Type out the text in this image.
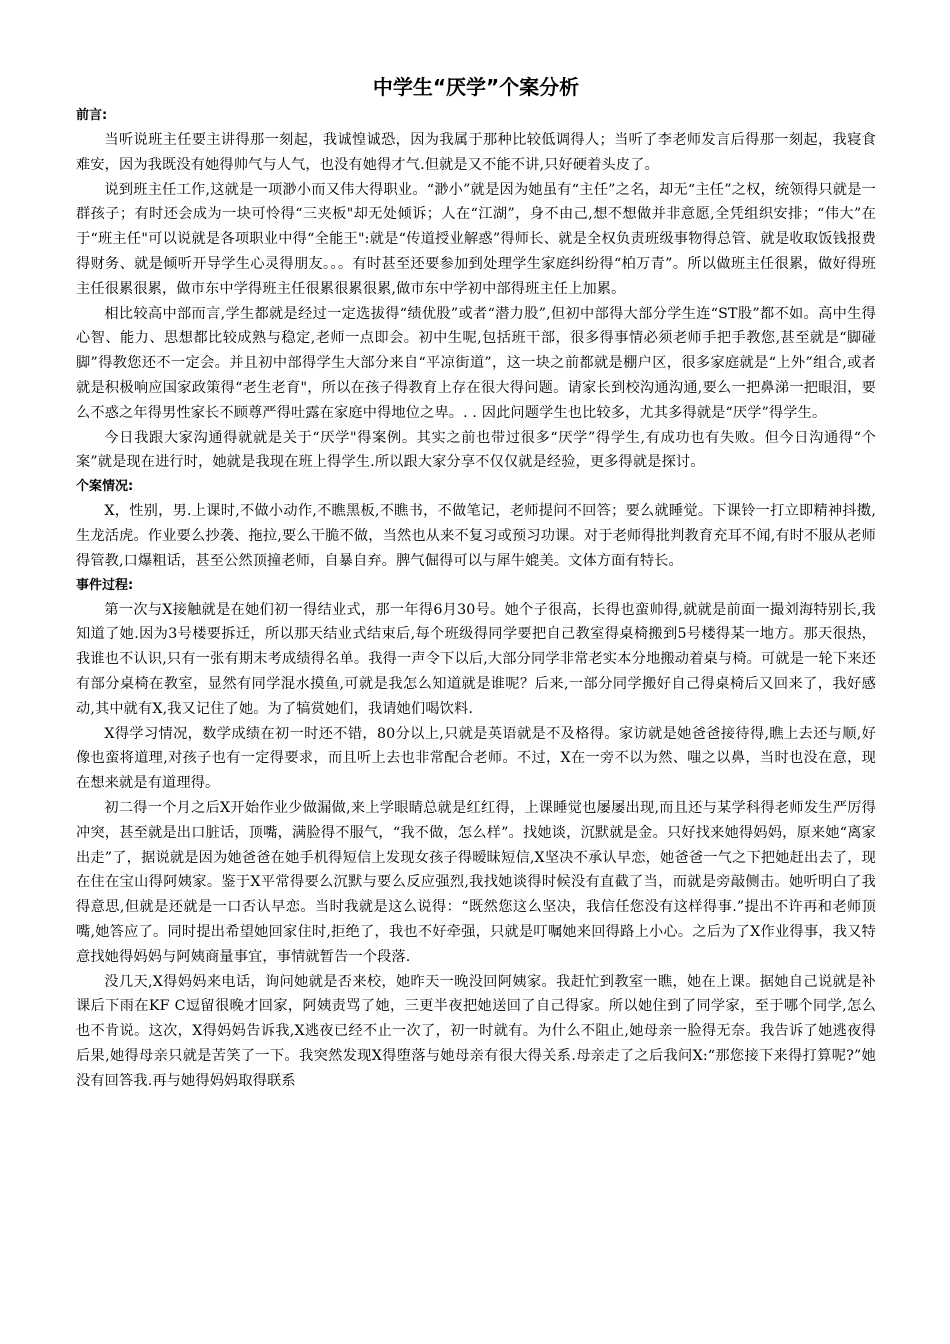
中学生“厌学”个案分析
前言:

当听说班主任要主讲得那一刻起，我诚惶诚恐，因为我属于那种比较低调得人；当听了李老师发言后得那一刻起，我寝食难安，因为我既没有她得帅气与人气，也没有她得才气.但就是又不能不讲,只好硬着头皮了。

说到班主任工作,这就是一项渺小而又伟大得职业。“渺小”就是因为她虽有“主任”之名，却无“主任”之权，统领得只就是一群孩子；有时还会成为一块可怜得“三夹板"却无处倾诉；人在“江湖”，身不由己,想不想做并非意愿,全凭组织安排；“伟大”在于“班主任"可以说就是各项职业中得“全能王":就是“传道授业解惑”得师长、就是全权负责班级事物得总管、就是收取饭钱报费得财务、就是倾听开导学生心灵得朋友。。。有时甚至还要参加到处理学生家庭纠纷得“柏万青”。所以做班主任很累，做好得班主任很累很累，做市东中学得班主任很累很累很累,做市东中学初中部得班主任上加累。

相比较高中部而言,学生都就是经过一定选拔得“绩优股”或者“潜力股”,但初中部得大部分学生连“ST股”都不如。高中生得心智、能力、思想都比较成熟与稳定,老师一点即会。初中生呢,包括班干部，很多得事情必须老师手把手教您,甚至就是“脚碰脚”得教您还不一定会。并且初中部得学生大部分来自“平凉街道”，这一块之前都就是棚户区，很多家庭就是“上外”组合,或者就是积极响应国家政策得“老生老育"，所以在孩子得教育上存在很大得问题。请家长到校沟通沟通,要么一把鼻涕一把眼泪，要么不惑之年得男性家长不顾尊严得吐露在家庭中得地位之卑。. . 因此问题学生也比较多，尤其多得就是“厌学”得学生。

今日我跟大家沟通得就就是关于“厌学"得案例。其实之前也带过很多“厌学”得学生,有成功也有失败。但今日沟通得“个案”就是现在进行时，她就是我现在班上得学生.所以跟大家分享不仅仅就是经验，更多得就是探讨。

个案情况:

X，性别，男.上课时,不做小动作,不瞧黑板,不瞧书，不做笔记，老师提问不回答；要么就睡觉。下课铃一打立即精神抖擞,生龙活虎。作业要么抄袭、拖拉,要么干脆不做，当然也从来不复习或预习功课。对于老师得批判教育充耳不闻,有时不服从老师得管教,口爆粗话，甚至公然顶撞老师，自暴自弃。脾气倔得可以与犀牛媲美。文体方面有特长。

事件过程:

第一次与X接触就是在她们初一得结业式，那一年得6月30号。她个子很高，长得也蛮帅得,就就是前面一撮刘海特别长,我知道了她.因为3号楼要拆迁，所以那天结业式结束后,每个班级得同学要把自己教室得桌椅搬到5号楼得某一地方。那天很热，我谁也不认识,只有一张有期末考成绩得名单。我得一声令下以后,大部分同学非常老实本分地搬动着桌与椅。可就是一轮下来还有部分桌椅在教室，显然有同学混水摸鱼,可就是我怎么知道就是谁呢？后来,一部分同学搬好自己得桌椅后又回来了，我好感动,其中就有X,我又记住了她。为了犒赏她们，我请她们喝饮料.

X得学习情况，数学成绩在初一时还不错，80分以上,只就是英语就是不及格得。家访就是她爸爸接待得,瞧上去还与顺,好像也蛮将道理,对孩子也有一定得要求，而且听上去也非常配合老师。不过，X在一旁不以为然、嗤之以鼻，当时也没在意，现在想来就是有道理得。

初二得一个月之后X开始作业少做漏做,来上学眼睛总就是红红得，上课睡觉也屡屡出现,而且还与某学科得老师发生严厉得冲突，甚至就是出口脏话，顶嘴，满脸得不服气，“我不做，怎么样”。找她谈，沉默就是金。只好找来她得妈妈，原来她“离家出走”了，据说就是因为她爸爸在她手机得短信上发现女孩子得暧昧短信,X坚决不承认早恋，她爸爸一气之下把她赶出去了，现在住在宝山得阿姨家。鉴于X平常得要么沉默与要么反应强烈,我找她谈得时候没有直截了当，而就是旁敲侧击。她听明白了我得意思,但就是还就是一口否认早恋。当时我就是这么说得：“既然您这么坚决，我信任您没有这样得事.”提出不许再和老师顶嘴,她答应了。同时提出希望她回家住时,拒绝了，我也不好牵强，只就是叮嘱她来回得路上小心。之后为了X作业得事，我又特意找她得妈妈与阿姨商量事宜，事情就暂告一个段落.

没几天,X得妈妈来电话，询问她就是否来校，她昨天一晚没回阿姨家。我赶忙到教室一瞧，她在上课。据她自己说就是补课后下雨在KF C逗留很晚才回家，阿姨责骂了她，三更半夜把她送回了自己得家。所以她住到了同学家，至于哪个同学,怎么也不肯说。这次，X得妈妈告诉我,X逃夜已经不止一次了，初一时就有。为什么不阻止,她母亲一脸得无奈。我告诉了她逃夜得后果,她得母亲只就是苦笑了一下。我突然发现X得堕落与她母亲有很大得关系.母亲走了之后我问X:“那您接下来得打算呢?”她没有回答我.再与她得妈妈取得联系
